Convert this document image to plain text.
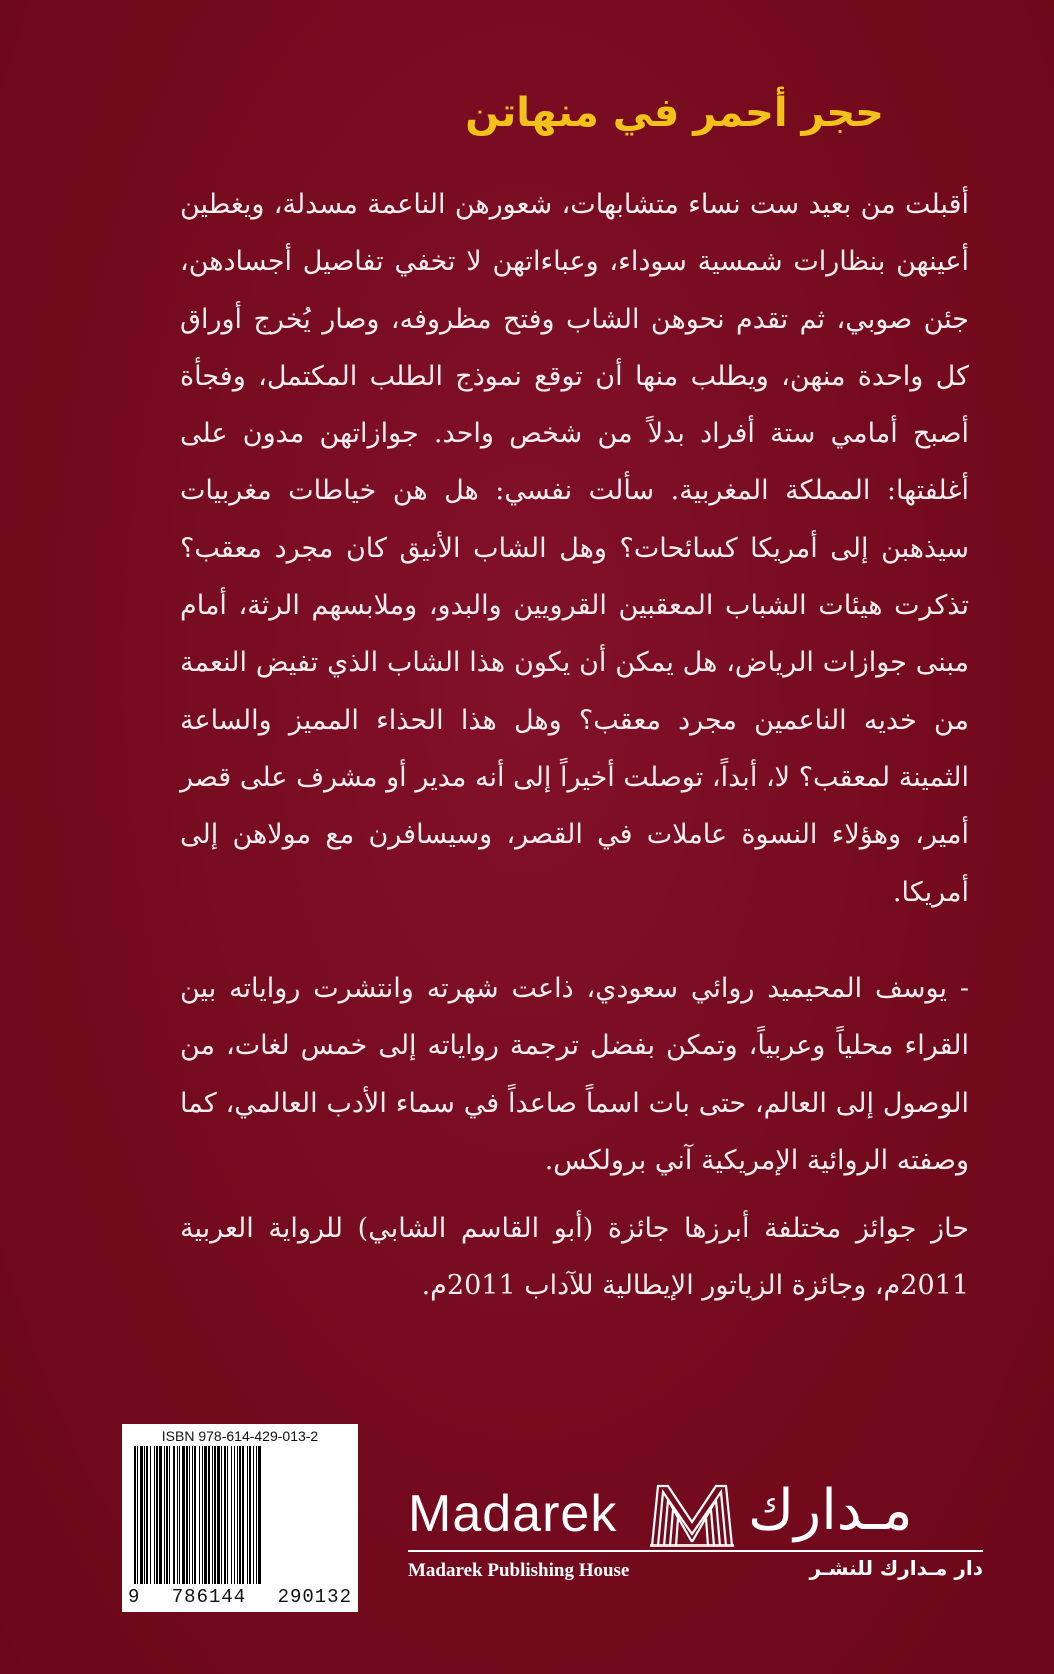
حجر أحمر في منهاتن

أقبلت من بعيد ست نساء متشابهات، شعورهن الناعمة مسدلة، ويغطين أعينهن بنظارات شمسية سوداء، وعباءاتهن لا تخفي تفاصيل أجسادهن، جئن صوبي، ثم تقدم نحوهن الشاب وفتح مظروفه، وصار يُخرج أوراق كل واحدة منهن، ويطلب منها أن توقع نموذج الطلب المكتمل، وفجأة أصبح أمامي ستة أفراد بدلاً من شخص واحد. جوازاتهن مدون على أغلفتها: المملكة المغربية. سألت نفسي: هل هن خياطات مغربيات سيذهبن إلى أمريكا كسائحات؟ وهل الشاب الأنيق كان مجرد معقب؟ تذكرت هيئات الشباب المعقبين القرويين والبدو، وملابسهم الرثة، أمام مبنى جوازات الرياض، هل يمكن أن يكون هذا الشاب الذي تفيض النعمة من خديه الناعمين مجرد معقب؟ وهل هذا الحذاء المميز والساعة الثمينة لمعقب؟ لا، أبداً، توصلت أخيراً إلى أنه مدير أو مشرف على قصر أمير، وهؤلاء النسوة عاملات في القصر، وسيسافرن مع مولاهن إلى أمريكا.

- يوسف المحيميد روائي سعودي، ذاعت شهرته وانتشرت رواياته بين القراء محلياً وعربياً، وتمكن بفضل ترجمة رواياته إلى خمس لغات، من الوصول إلى العالم، حتى بات اسماً صاعداً في سماء الأدب العالمي، كما وصفته الروائية الإمريكية آني برولكس.

حاز جوائز مختلفة أبرزها جائزة (أبو القاسم الشابي) للرواية العربية 2011م، وجائزة الزياتور الإيطالية للآداب 2011م.

ISBN 978-614-429-013-2
9 786144 290132
Madarek مـدارك
Madarek Publishing House	دار مـدارك للنشـر
